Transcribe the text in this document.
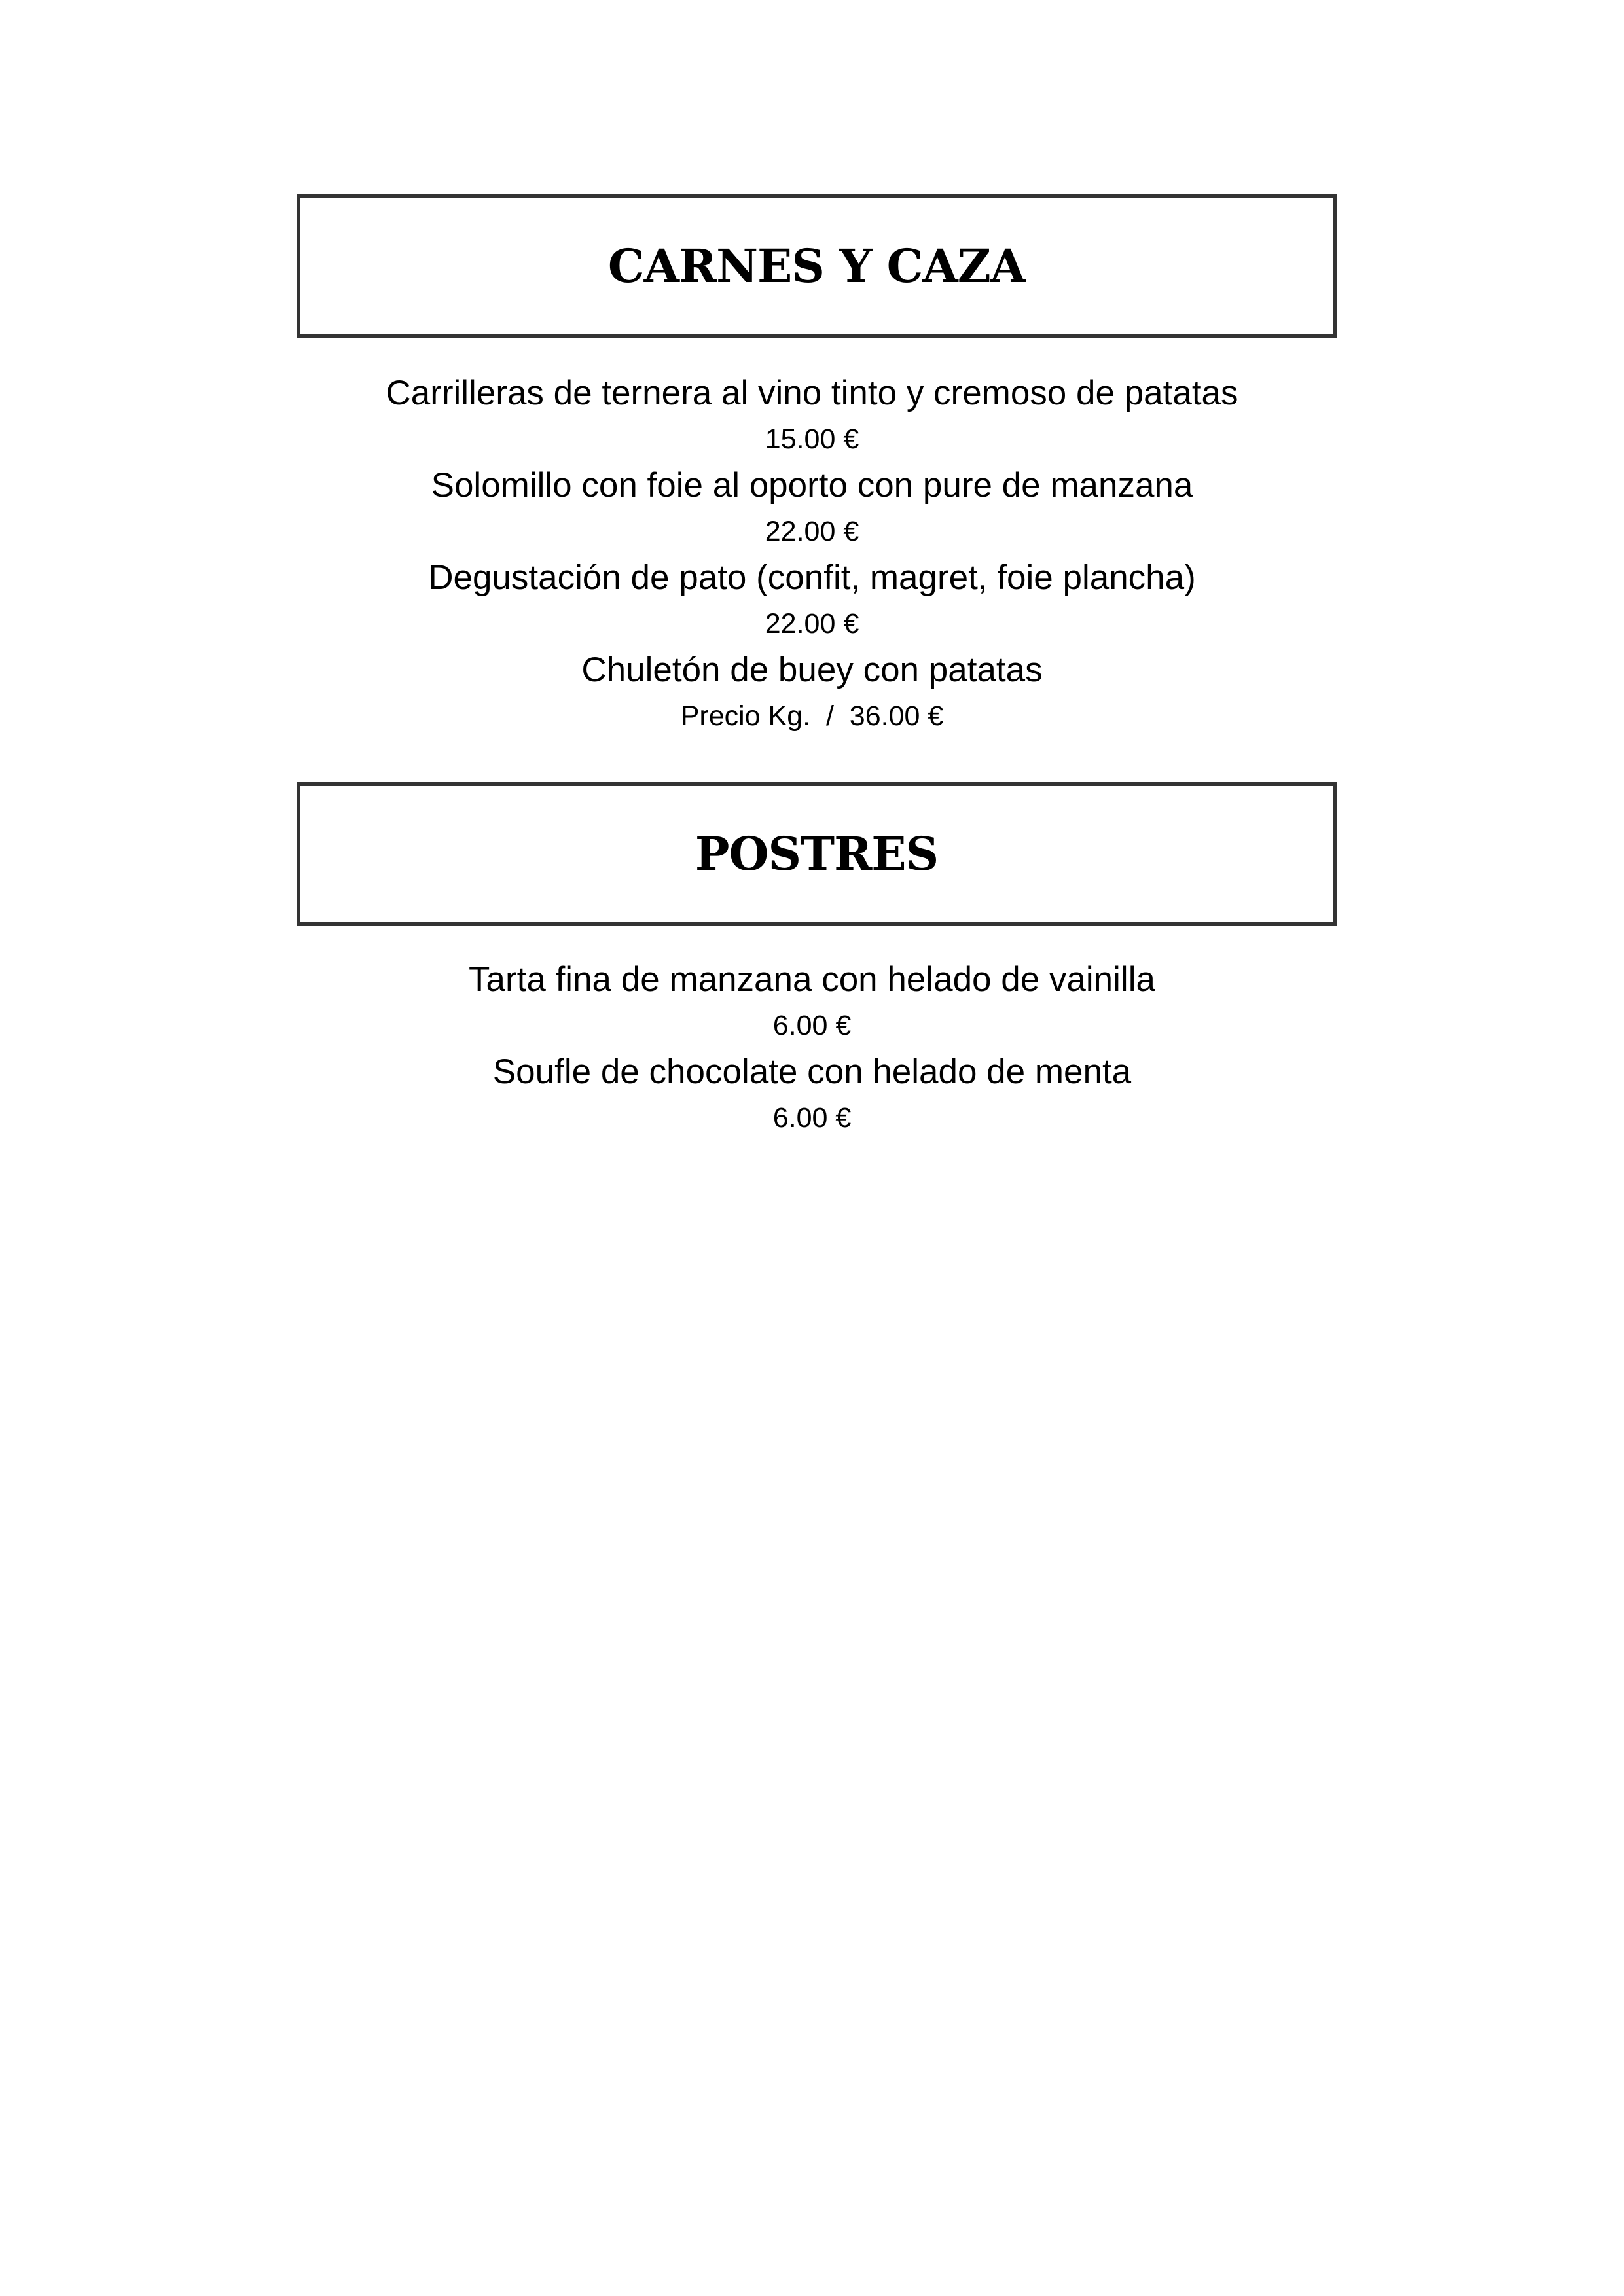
CARNES Y CAZA
Carrilleras de ternera al vino tinto y cremoso de patatas
15.00 €
Solomillo con foie al oporto con pure de manzana
22.00 €
Degustación de pato (confit, magret, foie plancha)
22.00 €
Chuletón de buey con patatas
Precio Kg.  /  36.00 €
POSTRES
Tarta fina de manzana con helado de vainilla
6.00 €
Soufle de chocolate con helado de menta
6.00 €
